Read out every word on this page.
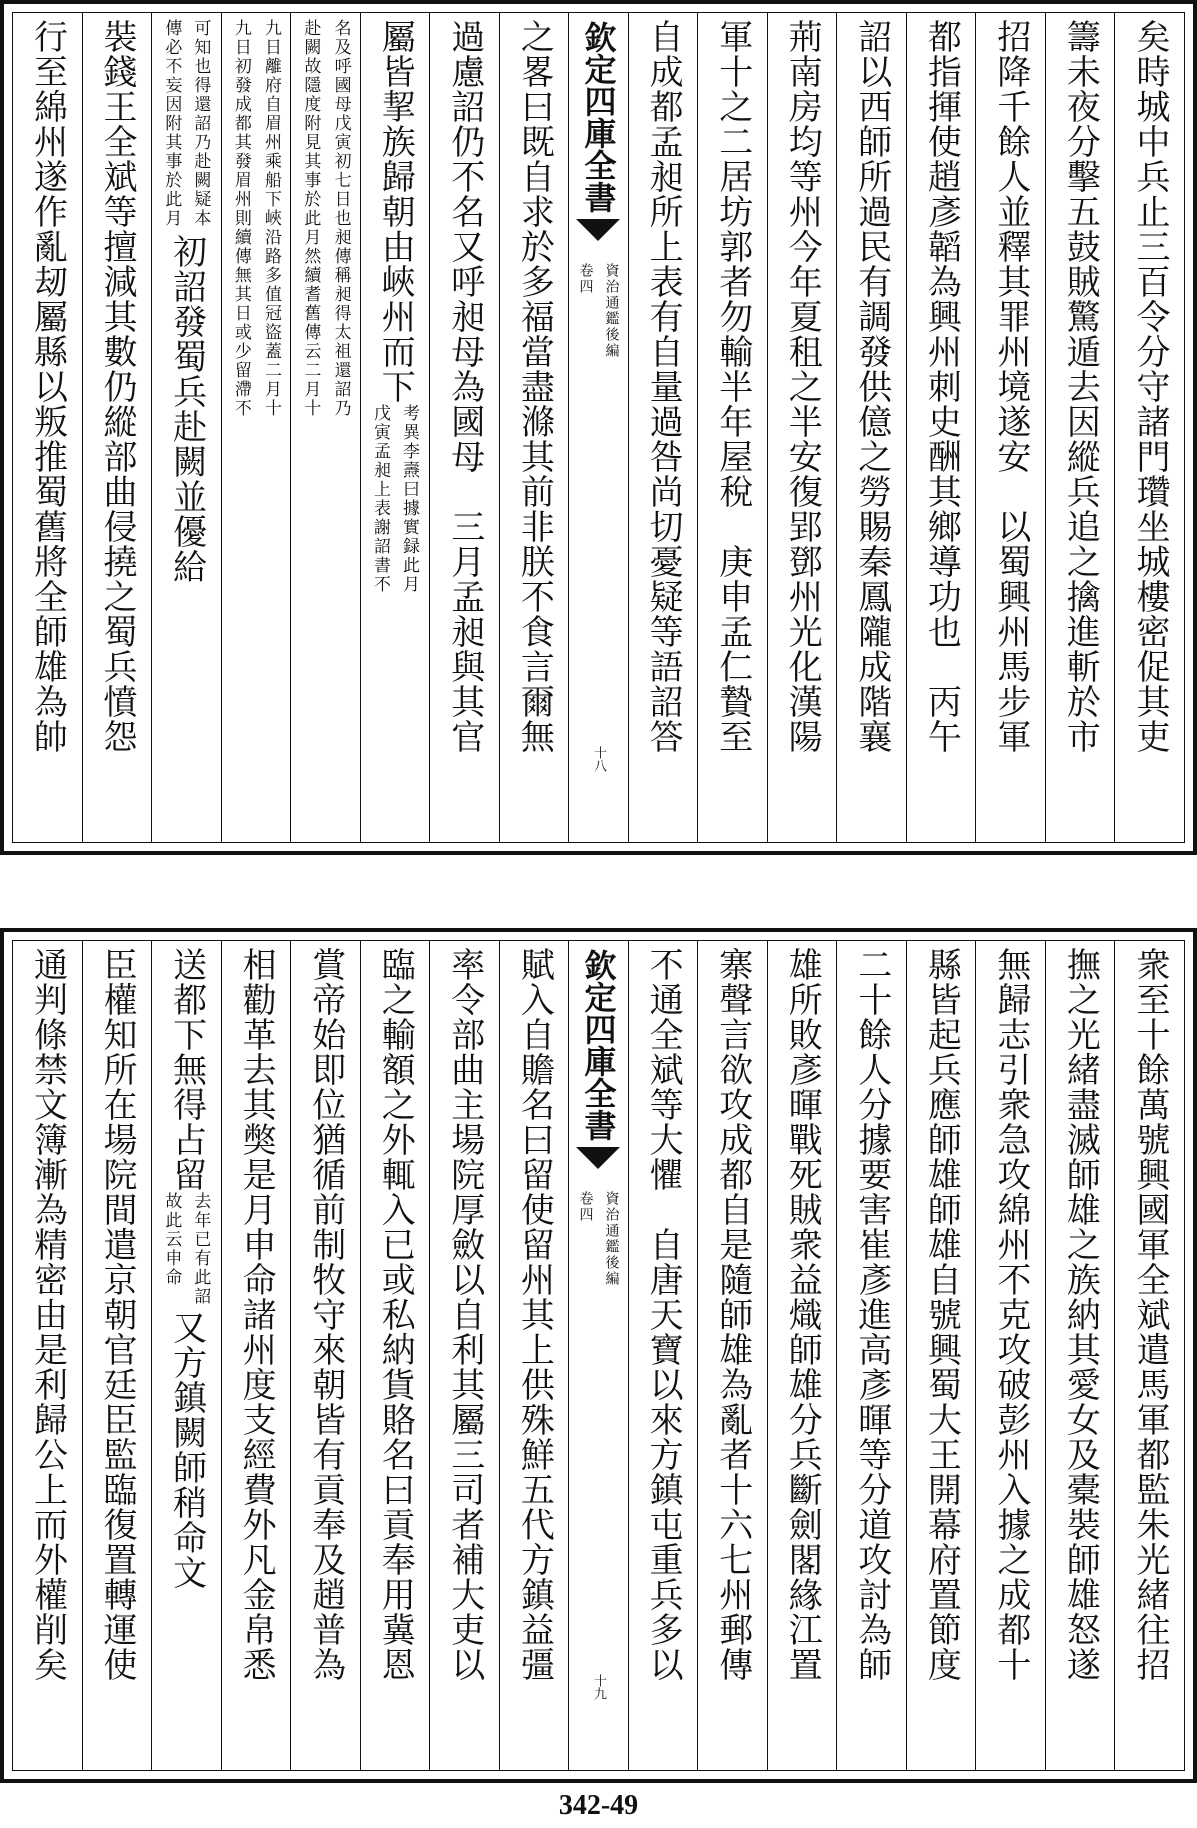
矣時城中兵止三百令分守諸門瓚坐城樓密促其吏
籌未夜分擊五鼓賊驚遁去因縱兵追之擒進斬於市
招降千餘人並釋其罪州境遂安　以蜀興州馬步軍
都指揮使趙彥韜為興州刺史酬其鄉導功也　丙午
詔以西師所過民有調發供億之勞賜秦鳳隴成階襄
荊南房均等州今年夏租之半安復郢鄧州光化漢陽
軍十之二居坊郭者勿輸半年屋稅　庚申孟仁贄至
自成都孟昶所上表有自量過咎尚切憂疑等語詔答
欽定四庫全書
資治通鑑後編
卷四
十八
之畧曰既自求於多福當盡滌其前非朕不食言爾無
過慮詔仍不名又呼昶母為國母　三月孟昶與其官
屬皆挈族歸朝由峽州而下
考異李燾曰據實録此月
戊寅孟昶上表謝詔書不
名及呼國母戊寅初七日也昶傳稱昶得太祖還詔乃
赴闕故隱度附見其事於此月然續耆舊傳云二月十
九日離府自眉州乘船下峽沿路多值冠盜蓋二月十
九日初發成都其發眉州則續傳無其日或少留滯不
可知也得還詔乃赴闕疑本
傳必不妄因附其事於此月
初詔發蜀兵赴闕並優給
裝錢王全斌等擅減其數仍縱部曲侵撓之蜀兵憤怨
行至綿州遂作亂刼屬縣以叛推蜀舊將全師雄為帥
衆至十餘萬號興國軍全斌遣馬軍都監朱光緒往招
撫之光緒盡滅師雄之族納其愛女及橐裝師雄怒遂
無歸志引衆急攻綿州不克攻破彭州入據之成都十
縣皆起兵應師雄師雄自號興蜀大王開幕府置節度
二十餘人分據要害崔彥進高彥暉等分道攻討為師
雄所敗彥暉戰死賊衆益熾師雄分兵斷劍閣緣江置
寨聲言欲攻成都自是隨師雄為亂者十六七州郵傳
不通全斌等大懼　自唐天寶以來方鎮屯重兵多以
欽定四庫全書
資治通鑑後編
卷四
十九
賦入自贍名曰留使留州其上供殊鮮五代方鎮益彊
率令部曲主場院厚斂以自利其屬三司者補大吏以
臨之輸額之外輒入已或私納貨賂名曰貢奉用冀恩
賞帝始即位猶循前制牧守來朝皆有貢奉及趙普為
相勸革去其獘是月申命諸州度支經費外凡金帛悉
送都下無得占留
去年已有此詔
故此云申命
又方鎮闕師稍命文
臣權知所在場院間遣京朝官廷臣監臨復置轉運使
通判條禁文簿漸為精密由是利歸公上而外權削矣
342-49
